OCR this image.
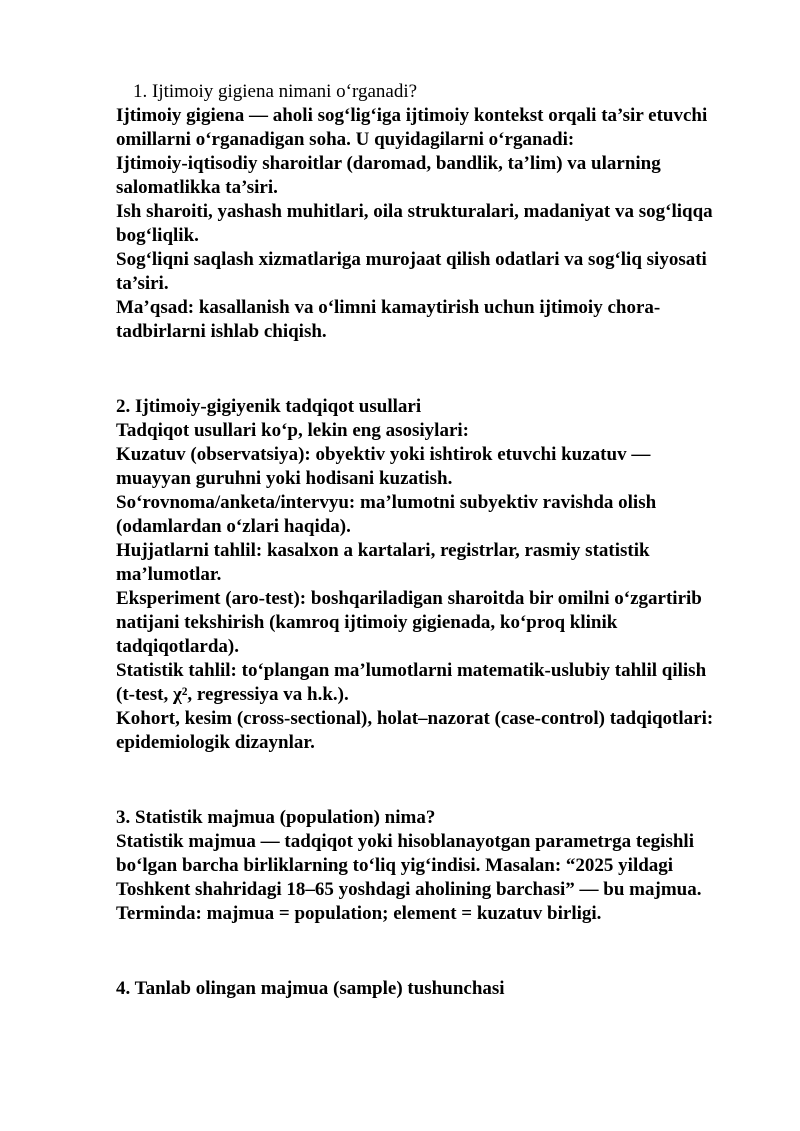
1. Ijtimoiy gigiena nimani o‘rganadi?

Ijtimoiy gigiena — aholi sog‘lig‘iga ijtimoiy kontekst orqali ta’sir etuvchi omillarni o‘rganadigan soha. U quyidagilarni o‘rganadi:

Ijtimoiy-iqtisodiy sharoitlar (daromad, bandlik, ta’lim) va ularning salomatlikka ta’siri.

Ish sharoiti, yashash muhitlari, oila strukturalari, madaniyat va sog‘liqqa bog‘liqlik.

Sog‘liqni saqlash xizmatlariga murojaat qilish odatlari va sog‘liq siyosati ta’siri.

Ma’qsad: kasallanish va o‘limni kamaytirish uchun ijtimoiy chora-tadbirlarni ishlab chiqish.

2. Ijtimoiy-gigiyenik tadqiqot usullari

Tadqiqot usullari ko‘p, lekin eng asosiylari:

Kuzatuv (observatsiya): obyektiv yoki ishtirok etuvchi kuzatuv — muayyan guruhni yoki hodisani kuzatish.

So‘rovnoma/anketa/intervyu: ma’lumotni subyektiv ravishda olish (odamlardan o‘zlari haqida).

Hujjatlarni tahlil: kasalxon a kartalari, registrlar, rasmiy statistik ma’lumotlar.

Eksperiment (aro-test): boshqariladigan sharoitda bir omilni o‘zgartirib natijani tekshirish (kamroq ijtimoiy gigienada, ko‘proq klinik tadqiqotlarda).

Statistik tahlil: to‘plangan ma’lumotlarni matematik-uslubiy tahlil qilish (t-test, χ², regressiya va h.k.).

Kohort, kesim (cross-sectional), holat–nazorat (case-control) tadqiqotlari: epidemiologik dizaynlar.

3. Statistik majmua (population) nima?

Statistik majmua — tadqiqot yoki hisoblanayotgan parametrga tegishli bo‘lgan barcha birliklarning to‘liq yig‘indisi. Masalan: “2025 yildagi Toshkent shahridagi 18–65 yoshdagi aholining barchasi” — bu majmua.

Terminda: majmua = population; element = kuzatuv birligi.

4. Tanlab olingan majmua (sample) tushunchasi
